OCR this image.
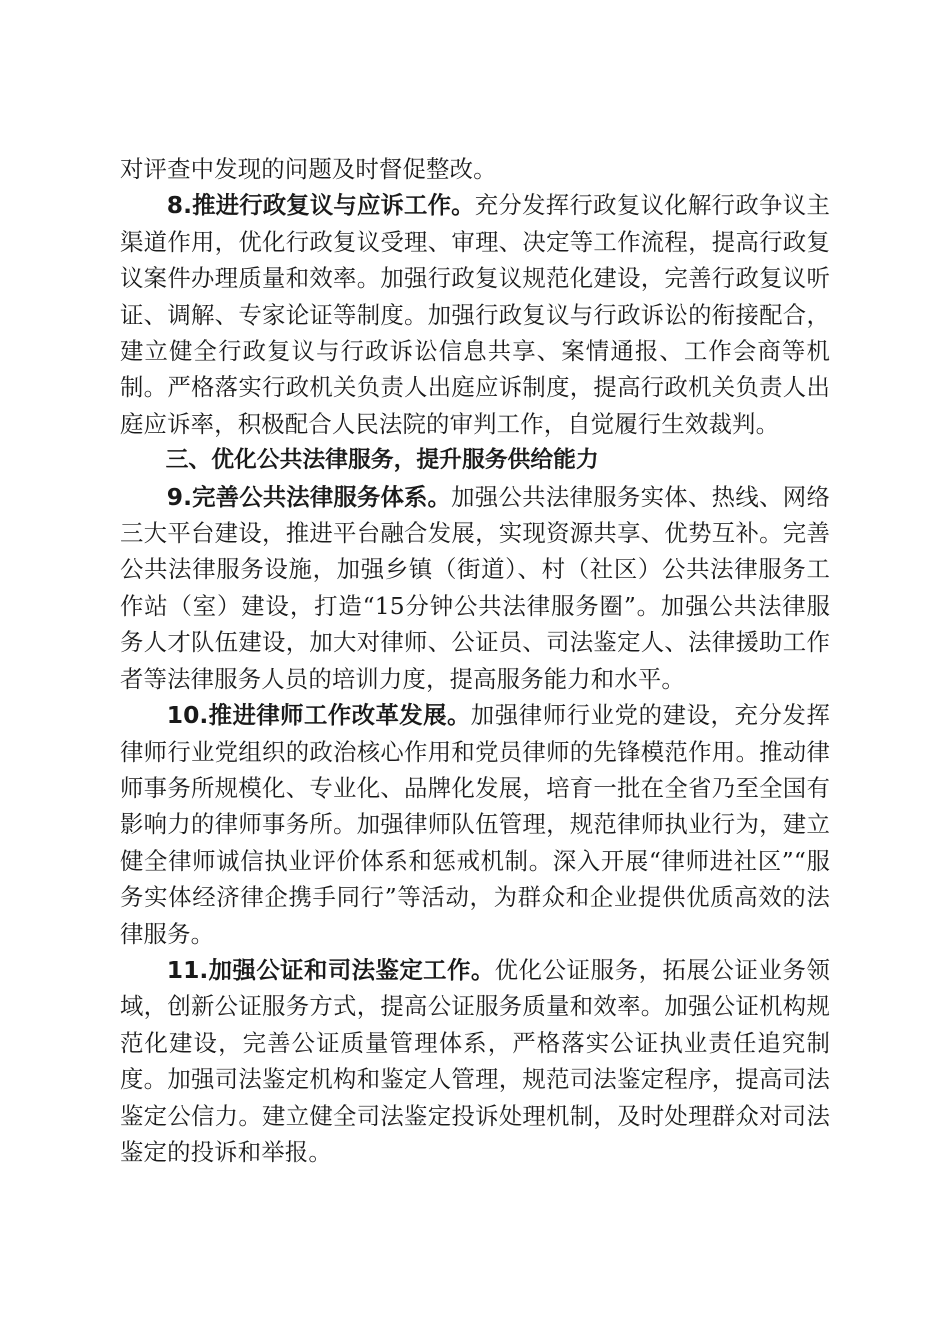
对评查中发现的问题及时督促整改。

8.推进行政复议与应诉工作。充分发挥行政复议化解行政争议主渠道作用，优化行政复议受理、审理、决定等工作流程，提高行政复议案件办理质量和效率。加强行政复议规范化建设，完善行政复议听证、调解、专家论证等制度。加强行政复议与行政诉讼的衔接配合，建立健全行政复议与行政诉讼信息共享、案情通报、工作会商等机制。严格落实行政机关负责人出庭应诉制度，提高行政机关负责人出庭应诉率，积极配合人民法院的审判工作，自觉履行生效裁判。

三、优化公共法律服务，提升服务供给能力

9.完善公共法律服务体系。加强公共法律服务实体、热线、网络三大平台建设，推进平台融合发展，实现资源共享、优势互补。完善公共法律服务设施，加强乡镇（街道）、村（社区）公共法律服务工作站（室）建设，打造“15分钟公共法律服务圈”。加强公共法律服务人才队伍建设，加大对律师、公证员、司法鉴定人、法律援助工作者等法律服务人员的培训力度，提高服务能力和水平。

10.推进律师工作改革发展。加强律师行业党的建设，充分发挥律师行业党组织的政治核心作用和党员律师的先锋模范作用。推动律师事务所规模化、专业化、品牌化发展，培育一批在全省乃至全国有影响力的律师事务所。加强律师队伍管理，规范律师执业行为，建立健全律师诚信执业评价体系和惩戒机制。深入开展“律师进社区”“服务实体经济律企携手同行”等活动，为群众和企业提供优质高效的法律服务。

11.加强公证和司法鉴定工作。优化公证服务，拓展公证业务领域，创新公证服务方式，提高公证服务质量和效率。加强公证机构规范化建设，完善公证质量管理体系，严格落实公证执业责任追究制度。加强司法鉴定机构和鉴定人管理，规范司法鉴定程序，提高司法鉴定公信力。建立健全司法鉴定投诉处理机制，及时处理群众对司法鉴定的投诉和举报。
